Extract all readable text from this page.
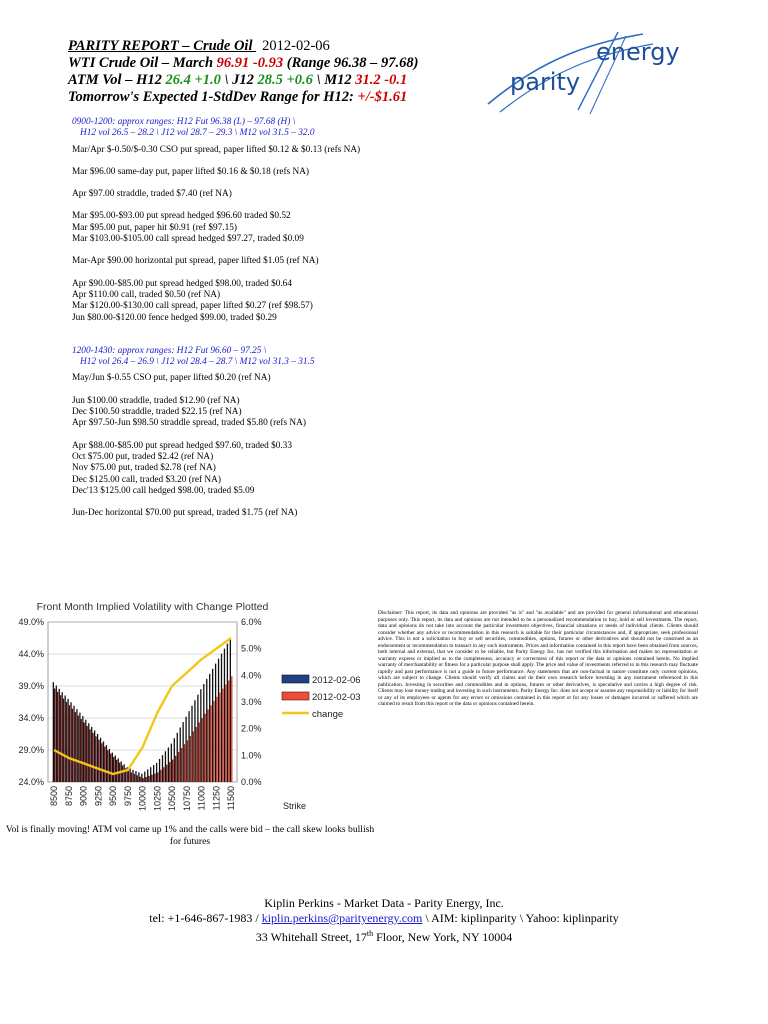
PARITY REPORT – Crude Oil 2012-02-06
WTI Crude Oil – March 96.91 -0.93 (Range 96.38 – 97.68)
ATM Vol – H12 26.4 +1.0 \ J12 28.5 +0.6 \ M12 31.2 -0.1
Tomorrow's Expected 1-StdDev Range for H12: +/-$1.61
energy
parity
0900-1200: approx ranges: H12 Fut 96.38 (L) – 97.68 (H) \
H12 vol 26.5 – 28.2 \ J12 vol 28.7 – 29.3 \ M12 vol 31.5 – 32.0
Mar/Apr $-0.50/$-0.30 CSO put spread, paper lifted $0.12 & $0.13 (refs NA)
Mar $96.00 same-day put, paper lifted $0.16 & $0.18 (refs NA)
Apr $97.00 straddle, traded $7.40 (ref NA)
Mar $95.00-$93.00 put spread hedged $96.60 traded $0.52
Mar $95.00 put, paper hit $0.91 (ref $97.15)
Mar $103.00-$105.00 call spread hedged $97.27, traded $0.09
Mar-Apr $90.00 horizontal put spread, paper lifted $1.05 (ref NA)
Apr $90.00-$85.00 put spread hedged $98.00, traded $0.64
Apr $110.00 call, traded $0.50 (ref NA)
Mar $120.00-$130.00 call spread, paper lifted $0.27 (ref $98.57)
Jun $80.00-$120.00 fence hedged $99.00, traded $0.29
1200-1430: approx ranges: H12 Fut 96.60 – 97.25 \
H12 vol 26.4 – 26.9 \ J12 vol 28.4 – 28.7 \ M12 vol 31.3 – 31.5
May/Jun $-0.55 CSO put, paper lifted $0.20 (ref NA)
Jun $100.00 straddle, traded $12.90 (ref NA)
Dec $100.50 straddle, traded $22.15 (ref NA)
Apr $97.50-Jun $98.50 straddle spread, traded $5.80 (refs NA)
Apr $88.00-$85.00 put spread hedged $97.60, traded $0.33
Oct $75.00 put, traded $2.42 (ref NA)
Nov $75.00 put, traded $2.78 (ref NA)
Dec $125.00 call, traded $3.20 (ref NA)
Dec'13 $125.00 call hedged $98.00, traded $5.09
Jun-Dec horizontal $70.00 put spread, traded $1.75 (ref NA)
Front Month Implied Volatility with Change Plotted
49.0%
44.0%
39.0%
34.0%
29.0%
24.0%
6.0%
5.0%
4.0%
3.0%
2.0%
1.0%
0.0%
8500 8750 9000 9250 9500 9750 10000 10250 10500 10750 11000 11250 11500	Strike
2012-02-06
2012-02-03
change
Vol is finally moving! ATM vol came up 1% and the calls were bid – the call skew looks bullish for futures
Disclaimer: This report, its data and opinions are provided "as is" and "as available" and are provided for general informational and educational purposes only. This report, its data and opinions are not intended to be a personalized recommendation to buy, hold or sell investments. The report, data and opinions do not take into account the particular investment objectives, financial situations or needs of individual clients. Clients should consider whether any advice or recommendation in this research is suitable for their particular circumstances and, if appropriate, seek professional advice. This is not a solicitation to buy or sell securities, commodities, options, futures or other derivatives and should not be construed as an endorsement or recommendation to transact in any such instruments. Prices and information contained in this report have been obtained from sources, both internal and external, that we consider to be reliable, but Parity Energy Inc. has not verified this information and makes no representation or warranty express or implied as to the completeness, accuracy or correctness of this report or the data or opinions contained herein. No implied warranty of merchantability or fitness for a particular purpose shall apply. The price and value of investments referred to in this research may fluctuate rapidly and past performance is not a guide to future performance. Any statements that are non-factual in nature constitute only current opinions, which are subject to change. Clients should verify all claims and do their own research before investing in any instrument referenced in this publication. Investing in securities and commodities and in options, futures or other derivatives, is speculative and carries a high degree of risk. Clients may lose money trading and investing in such instruments. Parity Energy Inc. does not accept or assume any responsibility or liability for itself or any of its employees or agents for any errors or omissions contained in this report or for any losses or damages incurred or suffered which are claimed to result from this report or the data or opinions contained herein.
Kiplin Perkins - Market Data - Parity Energy, Inc.
tel: +1-646-867-1983 / kiplin.perkins@parityenergy.com \ AIM: kiplinparity \ Yahoo: kiplinparity
33 Whitehall Street, 17th Floor, New York, NY 10004
